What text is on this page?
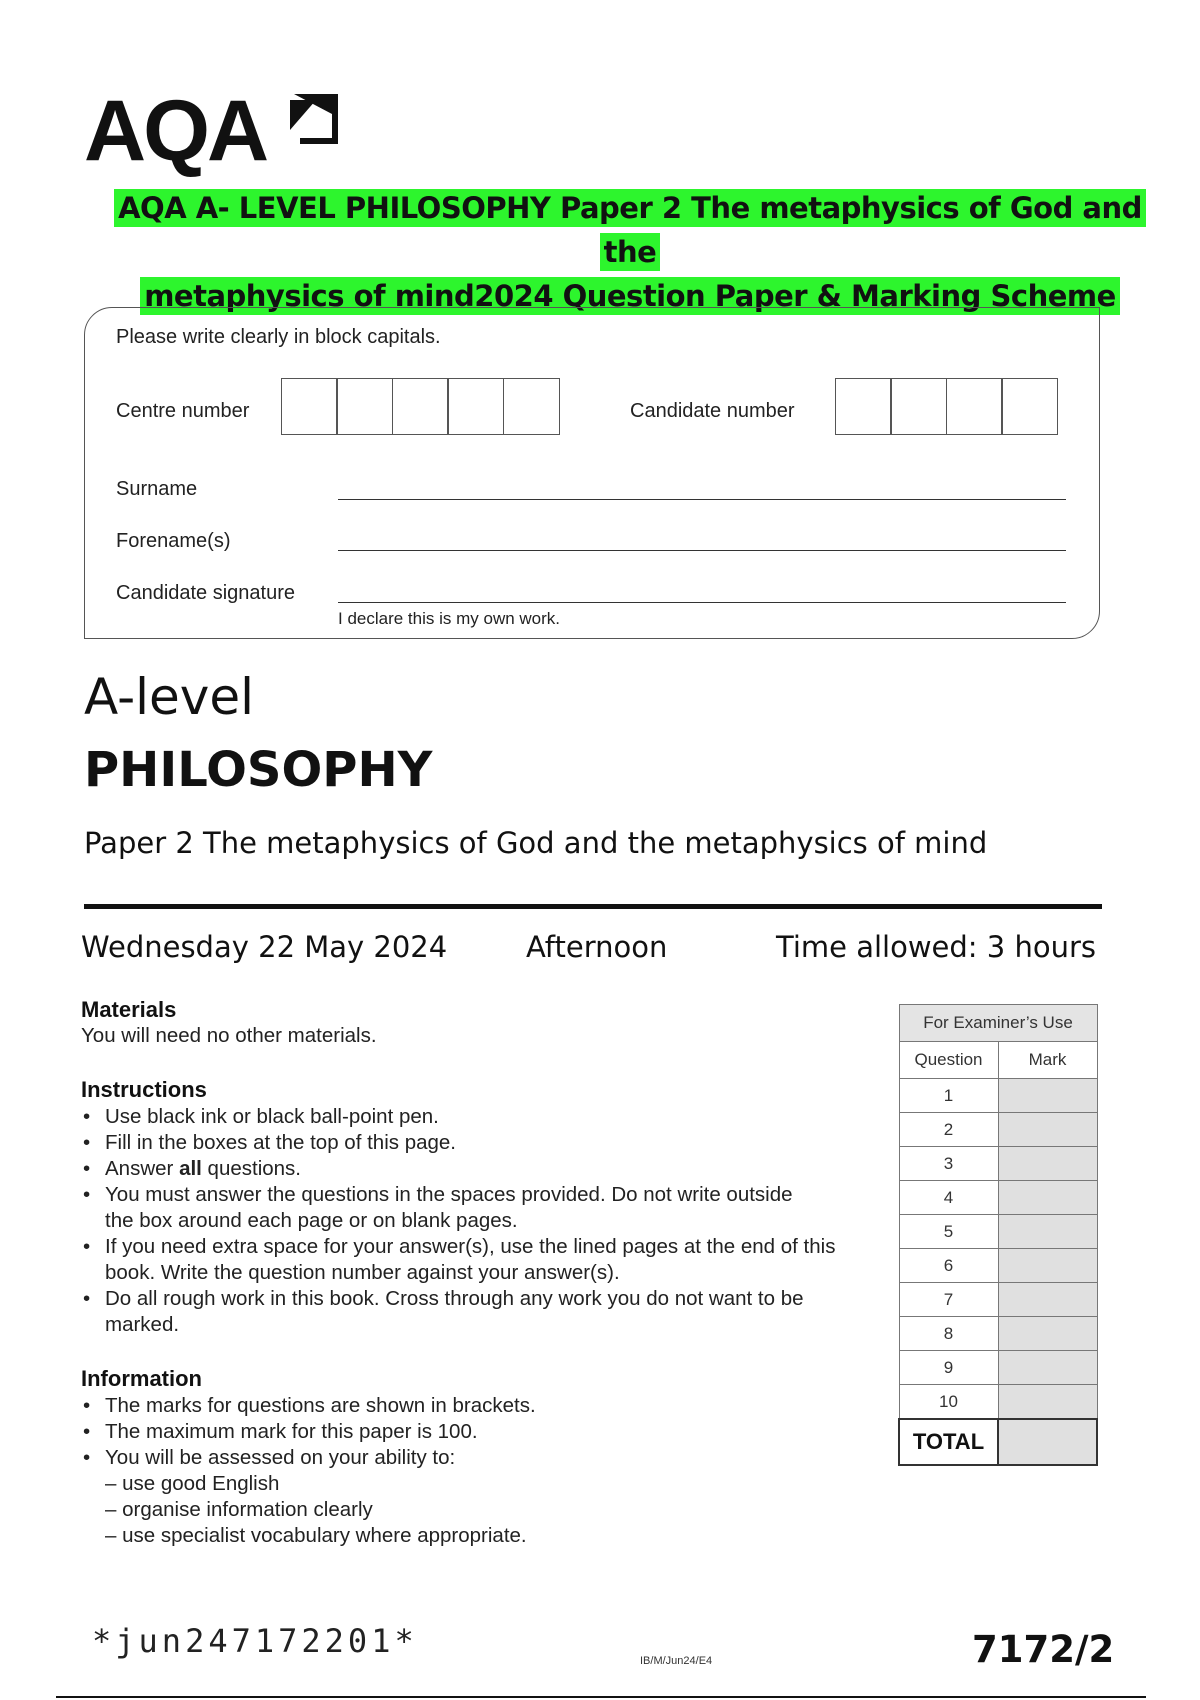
AQA
AQA A- LEVEL PHILOSOPHY Paper 2 The metaphysics of God and the
metaphysics of mind2024 Question Paper & Marking Scheme
Please write clearly in block capitals.
Centre number	Candidate number
Surname
Forename(s)
Candidate signature
I declare this is my own work.
A-level
PHILOSOPHY
Paper 2 The metaphysics of God and the metaphysics of mind
Wednesday 22 May 2024	Afternoon	Time allowed: 3 hours
Materials
You will need no other materials.
Instructions
• Use black ink or black ball-point pen.
• Fill in the boxes at the top of this page.
• Answer all questions.
• You must answer the questions in the spaces provided. Do not write outside the box around each page or on blank pages.
• If you need extra space for your answer(s), use the lined pages at the end of this book. Write the question number against your answer(s).
• Do all rough work in this book. Cross through any work you do not want to be marked.
Information
• The marks for questions are shown in brackets.
• The maximum mark for this paper is 100.
• You will be assessed on your ability to:
– use good English
– organise information clearly
– use specialist vocabulary where appropriate.
For Examiner’s Use	
Question	Mark
1	
2	
3	
4	
5	
6	
7	
8	
9	
10	
TOTAL	
*jun247172201*
IB/M/Jun24/E4	7172/2
